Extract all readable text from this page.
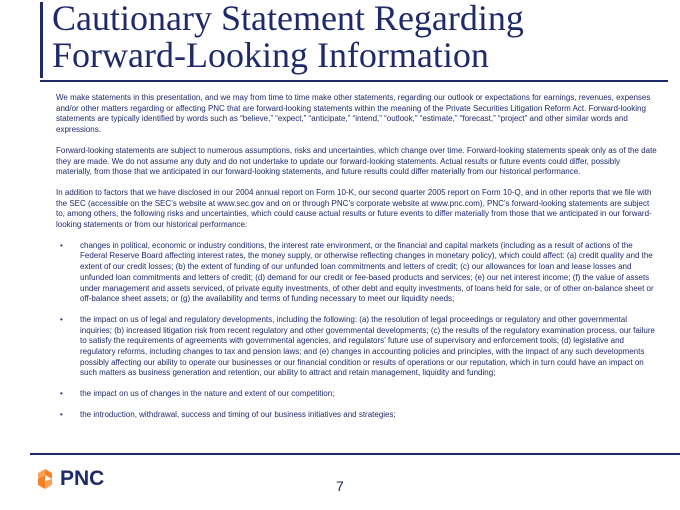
Cautionary Statement Regarding
Forward-Looking Information

We make statements in this presentation, and we may from time to time make other statements, regarding our outlook or expectations for earnings, revenues, expenses and/or other matters regarding or affecting PNC that are forward-looking statements within the meaning of the Private Securities Litigation Reform Act. Forward-looking statements are typically identified by words such as “believe,” “expect,” “anticipate,” “intend,” “outlook,” “estimate,” “forecast,” “project” and other similar words and expressions.

Forward-looking statements are subject to numerous assumptions, risks and uncertainties, which change over time. Forward-looking statements speak only as of the date they are made. We do not assume any duty and do not undertake to update our forward-looking statements. Actual results or future events could differ, possibly materially, from those that we anticipated in our forward-looking statements, and future results could differ materially from our historical performance.

In addition to factors that we have disclosed in our 2004 annual report on Form 10-K, our second quarter 2005 report on Form 10-Q, and in other reports that we file with the SEC (accessible on the SEC’s website at www.sec.gov and on or through PNC’s corporate website at www.pnc.com), PNC’s forward-looking statements are subject to, among others, the following risks and uncertainties, which could cause actual results or future events to differ materially from those that we anticipated in our forward-looking statements or from our historical performance:

• changes in political, economic or industry conditions, the interest rate environment, or the financial and capital markets (including as a result of actions of the Federal Reserve Board affecting interest rates, the money supply, or otherwise reflecting changes in monetary policy), which could affect: (a) credit quality and the extent of our credit losses; (b) the extent of funding of our unfunded loan commitments and letters of credit; (c) our allowances for loan and lease losses and unfunded loan commitments and letters of credit; (d) demand for our credit or fee-based products and services; (e) our net interest income; (f) the value of assets under management and assets serviced, of private equity investments, of other debt and equity investments, of loans held for sale, or of other on-balance sheet or off-balance sheet assets; or (g) the availability and terms of funding necessary to meet our liquidity needs;
• the impact on us of legal and regulatory developments, including the following: (a) the resolution of legal proceedings or regulatory and other governmental inquiries; (b) increased litigation risk from recent regulatory and other governmental developments; (c) the results of the regulatory examination process, our failure to satisfy the requirements of agreements with governmental agencies, and regulators’ future use of supervisory and enforcement tools; (d) legislative and regulatory reforms, including changes to tax and pension laws; and (e) changes in accounting policies and principles, with the impact of any such developments possibly affecting our ability to operate our businesses or our financial condition or results of operations or our reputation, which in turn could have an impact on such matters as business generation and retention, our ability to attract and retain management, liquidity and funding;
• the impact on us of changes in the nature and extent of our competition;
• the introduction, withdrawal, success and timing of our business initiatives and strategies;
PNC	7
